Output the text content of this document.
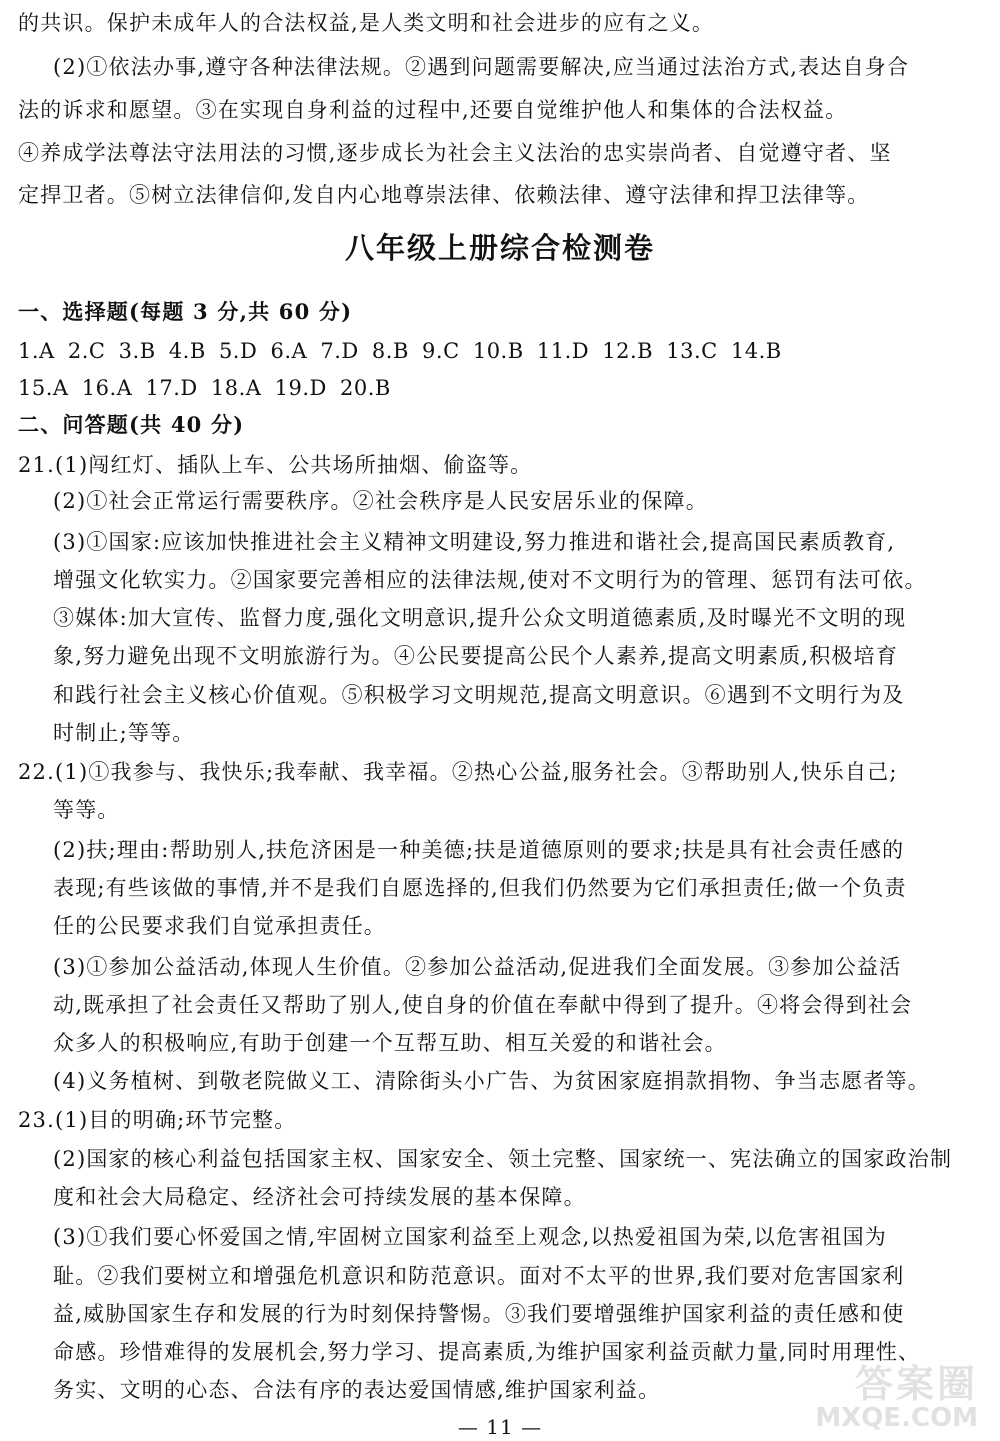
的共识。保护未成年人的合法权益,是人类文明和社会进步的应有之义。
(2)①依法办事,遵守各种法律法规。②遇到问题需要解决,应当通过法治方式,表达自身合
法的诉求和愿望。③在实现自身利益的过程中,还要自觉维护他人和集体的合法权益。
④养成学法尊法守法用法的习惯,逐步成长为社会主义法治的忠实崇尚者、自觉遵守者、坚
定捍卫者。⑤树立法律信仰,发自内心地尊崇法律、依赖法律、遵守法律和捍卫法律等。
八年级上册综合检测卷
一、选择题(每题 3 分,共 60 分)
1.A 2.C 3.B 4.B 5.D 6.A 7.D 8.B 9.C 10.B 11.D 12.B 13.C 14.B
15.A 16.A 17.D 18.A 19.D 20.B
二、问答题(共 40 分)
21.(1)闯红灯、插队上车、公共场所抽烟、偷盗等。
(2)①社会正常运行需要秩序。②社会秩序是人民安居乐业的保障。
(3)①国家:应该加快推进社会主义精神文明建设,努力推进和谐社会,提高国民素质教育,
增强文化软实力。②国家要完善相应的法律法规,使对不文明行为的管理、惩罚有法可依。
③媒体:加大宣传、监督力度,强化文明意识,提升公众文明道德素质,及时曝光不文明的现
象,努力避免出现不文明旅游行为。④公民要提高公民个人素养,提高文明素质,积极培育
和践行社会主义核心价值观。⑤积极学习文明规范,提高文明意识。⑥遇到不文明行为及
时制止;等等。
22.(1)①我参与、我快乐;我奉献、我幸福。②热心公益,服务社会。③帮助别人,快乐自己;
等等。
(2)扶;理由:帮助别人,扶危济困是一种美德;扶是道德原则的要求;扶是具有社会责任感的
表现;有些该做的事情,并不是我们自愿选择的,但我们仍然要为它们承担责任;做一个负责
任的公民要求我们自觉承担责任。
(3)①参加公益活动,体现人生价值。②参加公益活动,促进我们全面发展。③参加公益活
动,既承担了社会责任又帮助了别人,使自身的价值在奉献中得到了提升。④将会得到社会
众多人的积极响应,有助于创建一个互帮互助、相互关爱的和谐社会。
(4)义务植树、到敬老院做义工、清除街头小广告、为贫困家庭捐款捐物、争当志愿者等。
23.(1)目的明确;环节完整。
(2)国家的核心利益包括国家主权、国家安全、领土完整、国家统一、宪法确立的国家政治制
度和社会大局稳定、经济社会可持续发展的基本保障。
(3)①我们要心怀爱国之情,牢固树立国家利益至上观念,以热爱祖国为荣,以危害祖国为
耻。②我们要树立和增强危机意识和防范意识。面对不太平的世界,我们要对危害国家利
益,威胁国家生存和发展的行为时刻保持警惕。③我们要增强维护国家利益的责任感和使
命感。珍惜难得的发展机会,努力学习、提高素质,为维护国家利益贡献力量,同时用理性、
务实、文明的心态、合法有序的表达爱国情感,维护国家利益。
— 11 —
答案圈
MXQE.COM
